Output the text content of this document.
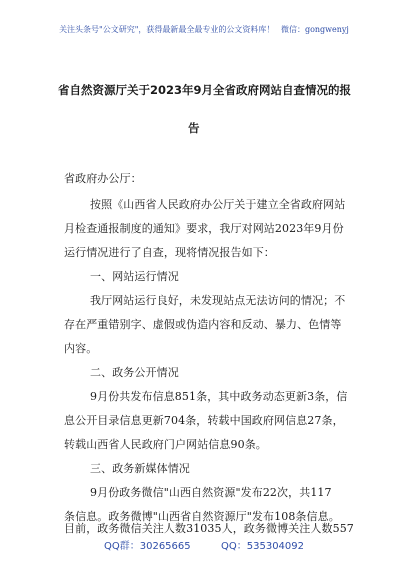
关注头条号"公文研究"，获得最新最全最专业的公文资料库！ 微信：gongwenyj
省自然资源厅关于2023年9月全省政府网站自查情况的报
告
省政府办公厅：
按照《山西省人民政府办公厅关于建立全省政府网站
月检查通报制度的通知》要求，我厅对网站2023年9月份
运行情况进行了自查，现将情况报告如下：
一、网站运行情况
我厅网站运行良好，未发现站点无法访问的情况；不
存在严重错别字、虚假或伪造内容和反动、暴力、色情等
内容。
二、政务公开情况
9月份共发布信息851条，其中政务动态更新3条，信
息公开目录信息更新704条，转载中国政府网信息27条，
转载山西省人民政府门户网站信息90条。
三、政务新媒体情况
9月份政务微信"山西自然资源"发布22次，共117
条信息。政务微博"山西省自然资源厅"发布108条信息。
目前，政务微信关注人数31035人，政务微博关注人数557
QQ群：30265665	QQ：535304092
